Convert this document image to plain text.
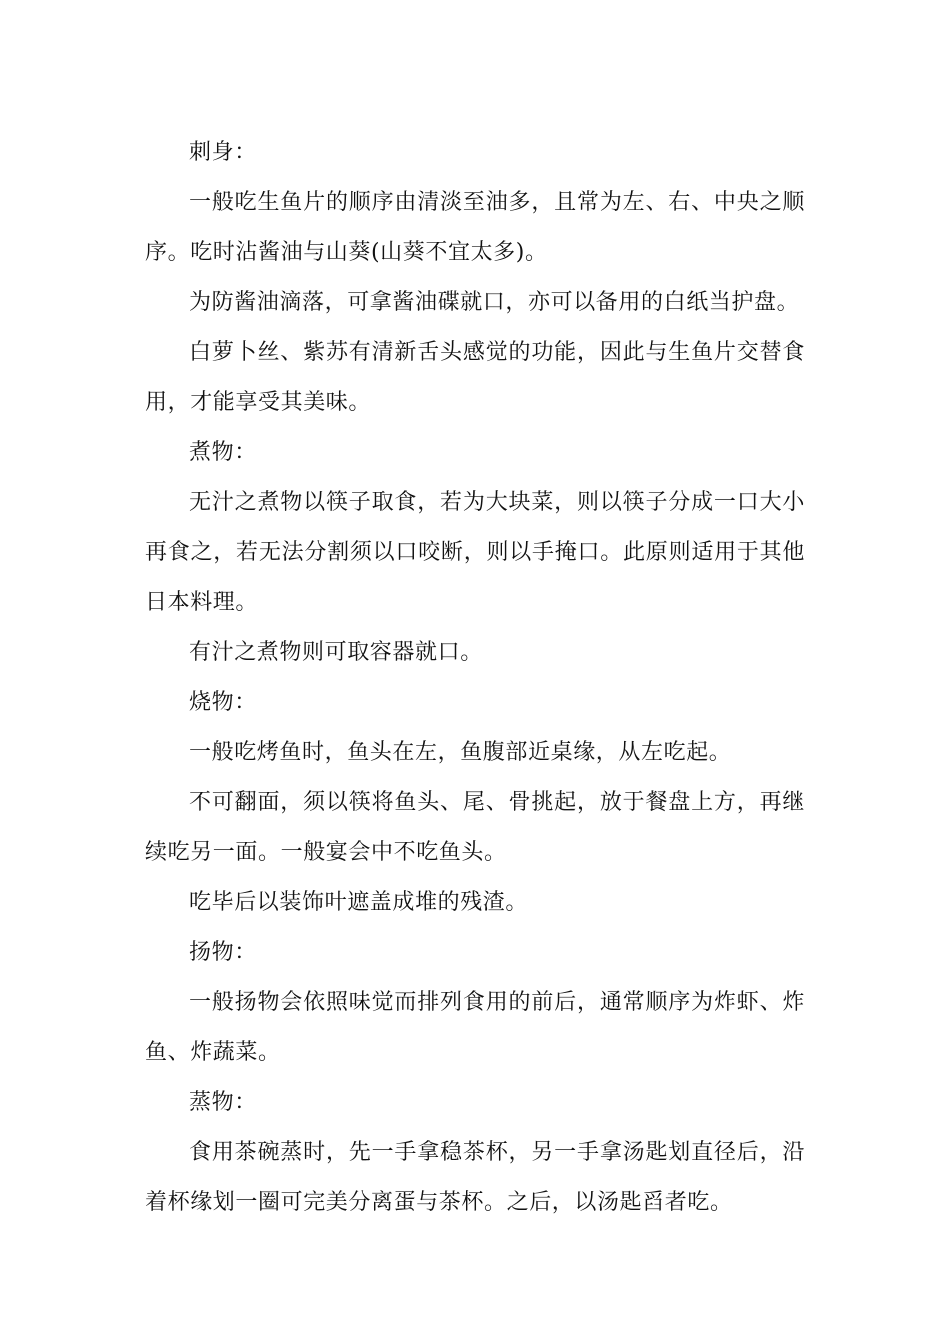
刺身：

一般吃生鱼片的顺序由清淡至油多，且常为左、右、中央之顺序。吃时沾酱油与山葵(山葵不宜太多)。

为防酱油滴落，可拿酱油碟就口，亦可以备用的白纸当护盘。

白萝卜丝、紫苏有清新舌头感觉的功能，因此与生鱼片交替食用，才能享受其美味。

煮物：

无汁之煮物以筷子取食，若为大块菜，则以筷子分成一口大小再食之，若无法分割须以口咬断，则以手掩口。此原则适用于其他日本料理。

有汁之煮物则可取容器就口。

烧物：

一般吃烤鱼时，鱼头在左，鱼腹部近桌缘，从左吃起。

不可翻面，须以筷将鱼头、尾、骨挑起，放于餐盘上方，再继续吃另一面。一般宴会中不吃鱼头。

吃毕后以装饰叶遮盖成堆的残渣。

扬物：

一般扬物会依照味觉而排列食用的前后，通常顺序为炸虾、炸鱼、炸蔬菜。

蒸物：

食用茶碗蒸时，先一手拿稳茶杯，另一手拿汤匙划直径后，沿着杯缘划一圈可完美分离蛋与茶杯。之后，以汤匙舀者吃。
